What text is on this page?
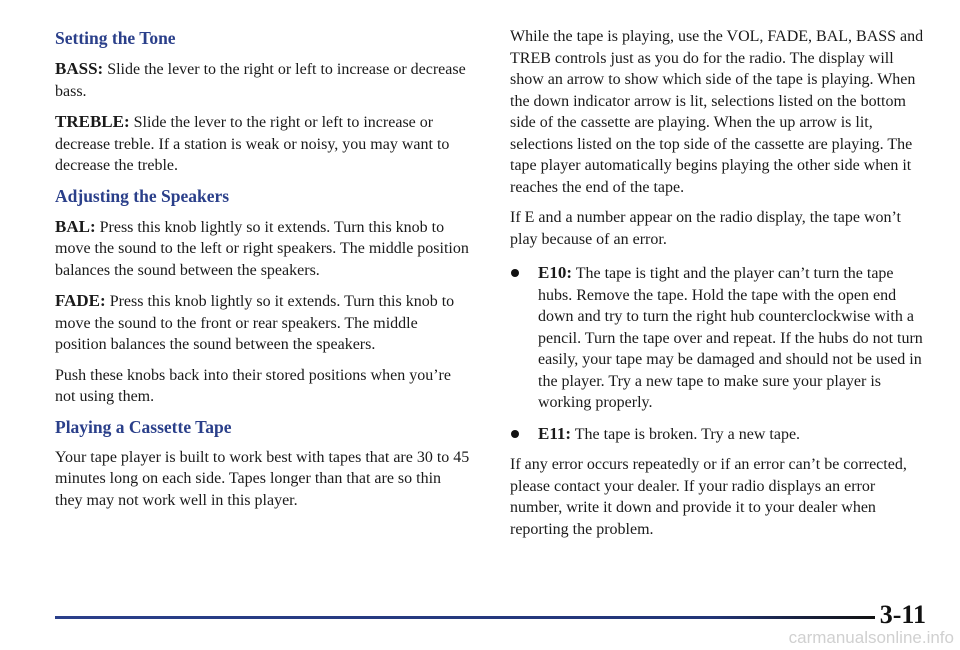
Setting the Tone

BASS: Slide the lever to the right or left to increase or decrease bass.

TREBLE: Slide the lever to the right or left to increase or decrease treble. If a station is weak or noisy, you may want to decrease the treble.

Adjusting the Speakers

BAL: Press this knob lightly so it extends. Turn this knob to move the sound to the left or right speakers. The middle position balances the sound between the speakers.

FADE: Press this knob lightly so it extends. Turn this knob to move the sound to the front or rear speakers. The middle position balances the sound between the speakers.

Push these knobs back into their stored positions when you’re not using them.

Playing a Cassette Tape

Your tape player is built to work best with tapes that are 30 to 45 minutes long on each side. Tapes longer than that are so thin they may not work well in this player.

While the tape is playing, use the VOL, FADE, BAL, BASS and TREB controls just as you do for the radio. The display will show an arrow to show which side of the tape is playing. When the down indicator arrow is lit, selections listed on the bottom side of the cassette are playing. When the up arrow is lit, selections listed on the top side of the cassette are playing. The tape player automatically begins playing the other side when it reaches the end of the tape.

If E and a number appear on the radio display, the tape won’t play because of an error.

E10: The tape is tight and the player can’t turn the tape hubs. Remove the tape. Hold the tape with the open end down and try to turn the right hub counterclockwise with a pencil. Turn the tape over and repeat. If the hubs do not turn easily, your tape may be damaged and should not be used in the player. Try a new tape to make sure your player is working properly.
E11: The tape is broken. Try a new tape.

If any error occurs repeatedly or if an error can’t be corrected, please contact your dealer. If your radio displays an error number, write it down and provide it to your dealer when reporting the problem.

3-11
carmanualsonline.info
